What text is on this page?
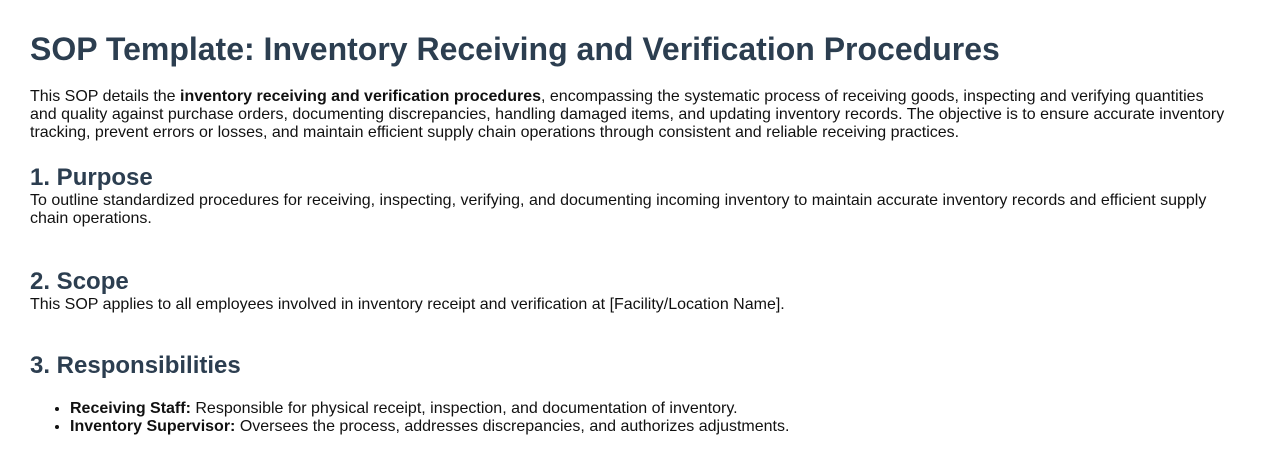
SOP Template: Inventory Receiving and Verification Procedures

This SOP details the inventory receiving and verification procedures, encompassing the systematic process of receiving goods, inspecting and verifying quantities and quality against purchase orders, documenting discrepancies, handling damaged items, and updating inventory records. The objective is to ensure accurate inventory tracking, prevent errors or losses, and maintain efficient supply chain operations through consistent and reliable receiving practices.

1. Purpose

To outline standardized procedures for receiving, inspecting, verifying, and documenting incoming inventory to maintain accurate inventory records and efficient supply chain operations.

2. Scope

This SOP applies to all employees involved in inventory receipt and verification at [Facility/Location Name].

3. Responsibilities
• Receiving Staff: Responsible for physical receipt, inspection, and documentation of inventory.
• Inventory Supervisor: Oversees the process, addresses discrepancies, and authorizes adjustments.
